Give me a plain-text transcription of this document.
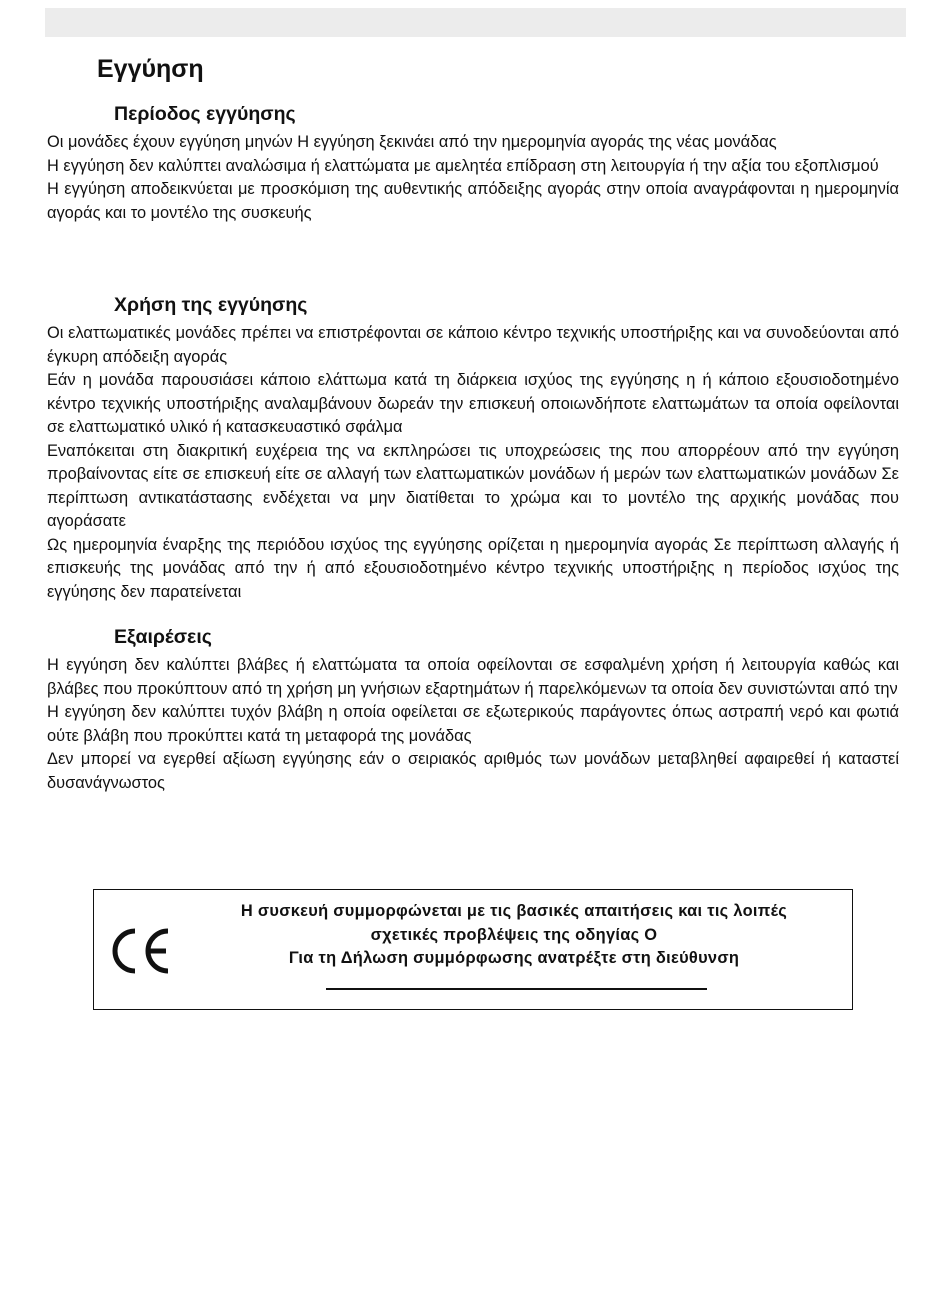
Εγγύηση
Περίοδος εγγύησης

Οι μονάδες έχουν εγγύηση μηνών Η εγγύηση ξεκινάει από την ημερομηνία αγοράς της νέας μονάδας

Η εγγύηση δεν καλύπτει αναλώσιμα ή ελαττώματα με αμελητέα επίδραση στη λειτουργία ή την αξία του εξοπλισμού

Η εγγύηση αποδεικνύεται με προσκόμιση της αυθεντικής απόδειξης αγοράς στην οποία αναγράφονται η ημερομηνία αγοράς και το μοντέλο της συσκευής

Χρήση της εγγύησης

Οι ελαττωματικές μονάδες πρέπει να επιστρέφονται σε κάποιο κέντρο τεχνικής υποστήριξης και να συνοδεύονται από έγκυρη απόδειξη αγοράς

Εάν η μονάδα παρουσιάσει κάποιο ελάττωμα κατά τη διάρκεια ισχύος της εγγύησης η ή κάποιο εξουσιοδοτημένο κέντρο τεχνικής υποστήριξης αναλαμβάνουν δωρεάν την επισκευή οποιωνδήποτε ελαττωμάτων τα οποία οφείλονται σε ελαττωματικό υλικό ή κατασκευαστικό σφάλμα

Εναπόκειται στη διακριτική ευχέρεια της να εκπληρώσει τις υποχρεώσεις της που απορρέουν από την εγγύηση προβαίνοντας είτε σε επισκευή είτε σε αλλαγή των ελαττωματικών μονάδων ή μερών των ελαττωματικών μονάδων Σε περίπτωση αντικατάστασης ενδέχεται να μην διατίθεται το χρώμα και το μοντέλο της αρχικής μονάδας που αγοράσατε

Ως ημερομηνία έναρξης της περιόδου ισχύος της εγγύησης ορίζεται η ημερομηνία αγοράς Σε περίπτωση αλλαγής ή επισκευής της μονάδας από την ή από εξουσιοδοτημένο κέντρο τεχνικής υποστήριξης η περίοδος ισχύος της εγγύησης δεν παρατείνεται

Εξαιρέσεις

Η εγγύηση δεν καλύπτει βλάβες ή ελαττώματα τα οποία οφείλονται σε εσφαλμένη χρήση ή λειτουργία καθώς και βλάβες που προκύπτουν από τη χρήση μη γνήσιων εξαρτημάτων ή παρελκόμενων τα οποία δεν συνιστώνται από την

Η εγγύηση δεν καλύπτει τυχόν βλάβη η οποία οφείλεται σε εξωτερικούς παράγοντες όπως αστραπή νερό και φωτιά ούτε βλάβη που προκύπτει κατά τη μεταφορά της μονάδας

Δεν μπορεί να εγερθεί αξίωση εγγύησης εάν ο σειριακός αριθμός των μονάδων μεταβληθεί αφαιρεθεί ή καταστεί δυσανάγνωστος

Η συσκευή συμμορφώνεται με τις βασικές απαιτήσεις και τις λοιπές
σχετικές προβλέψεις της οδηγίας Ο
Για τη Δήλωση συμμόρφωσης ανατρέξτε στη διεύθυνση
